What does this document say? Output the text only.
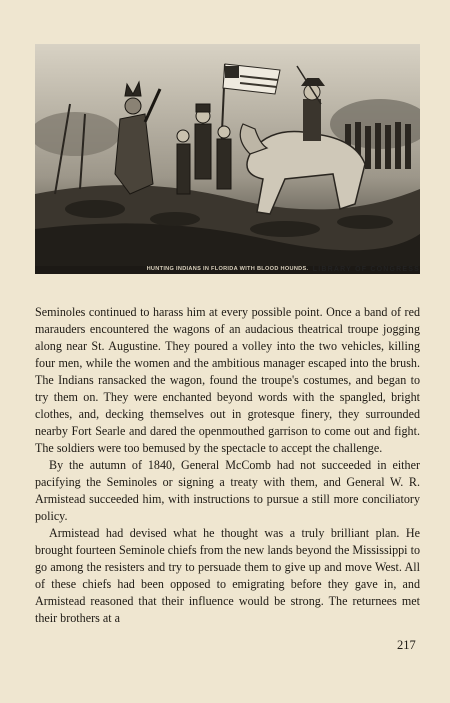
HUNTING INDIANS IN FLORIDA WITH BLOOD HOUNDS. LIBRARY OF CONGRESS

Seminoles continued to harass him at every possible point. Once a band of red marauders encountered the wagons of an audacious theatrical troupe jogging along near St. Augustine. They poured a volley into the two vehicles, killing four men, while the women and the ambitious manager escaped into the brush. The Indians ransacked the wagon, found the troupe's costumes, and began to try them on. They were enchanted beyond words with the spangled, bright clothes, and, decking themselves out in grotesque finery, they surrounded nearby Fort Searle and dared the openmouthed garrison to come out and fight. The soldiers were too bemused by the spectacle to accept the challenge.

By the autumn of 1840, General McComb had not succeeded in either pacifying the Seminoles or signing a treaty with them, and General W. R. Armistead succeeded him, with instructions to pursue a still more conciliatory policy.

Armistead had devised what he thought was a truly brilliant plan. He brought fourteen Seminole chiefs from the new lands beyond the Mississippi to go among the resisters and try to persuade them to give up and move West. All of these chiefs had been opposed to emigrating before they gave in, and Armistead reasoned that their influence would be strong. The returnees met their brothers at a

217
